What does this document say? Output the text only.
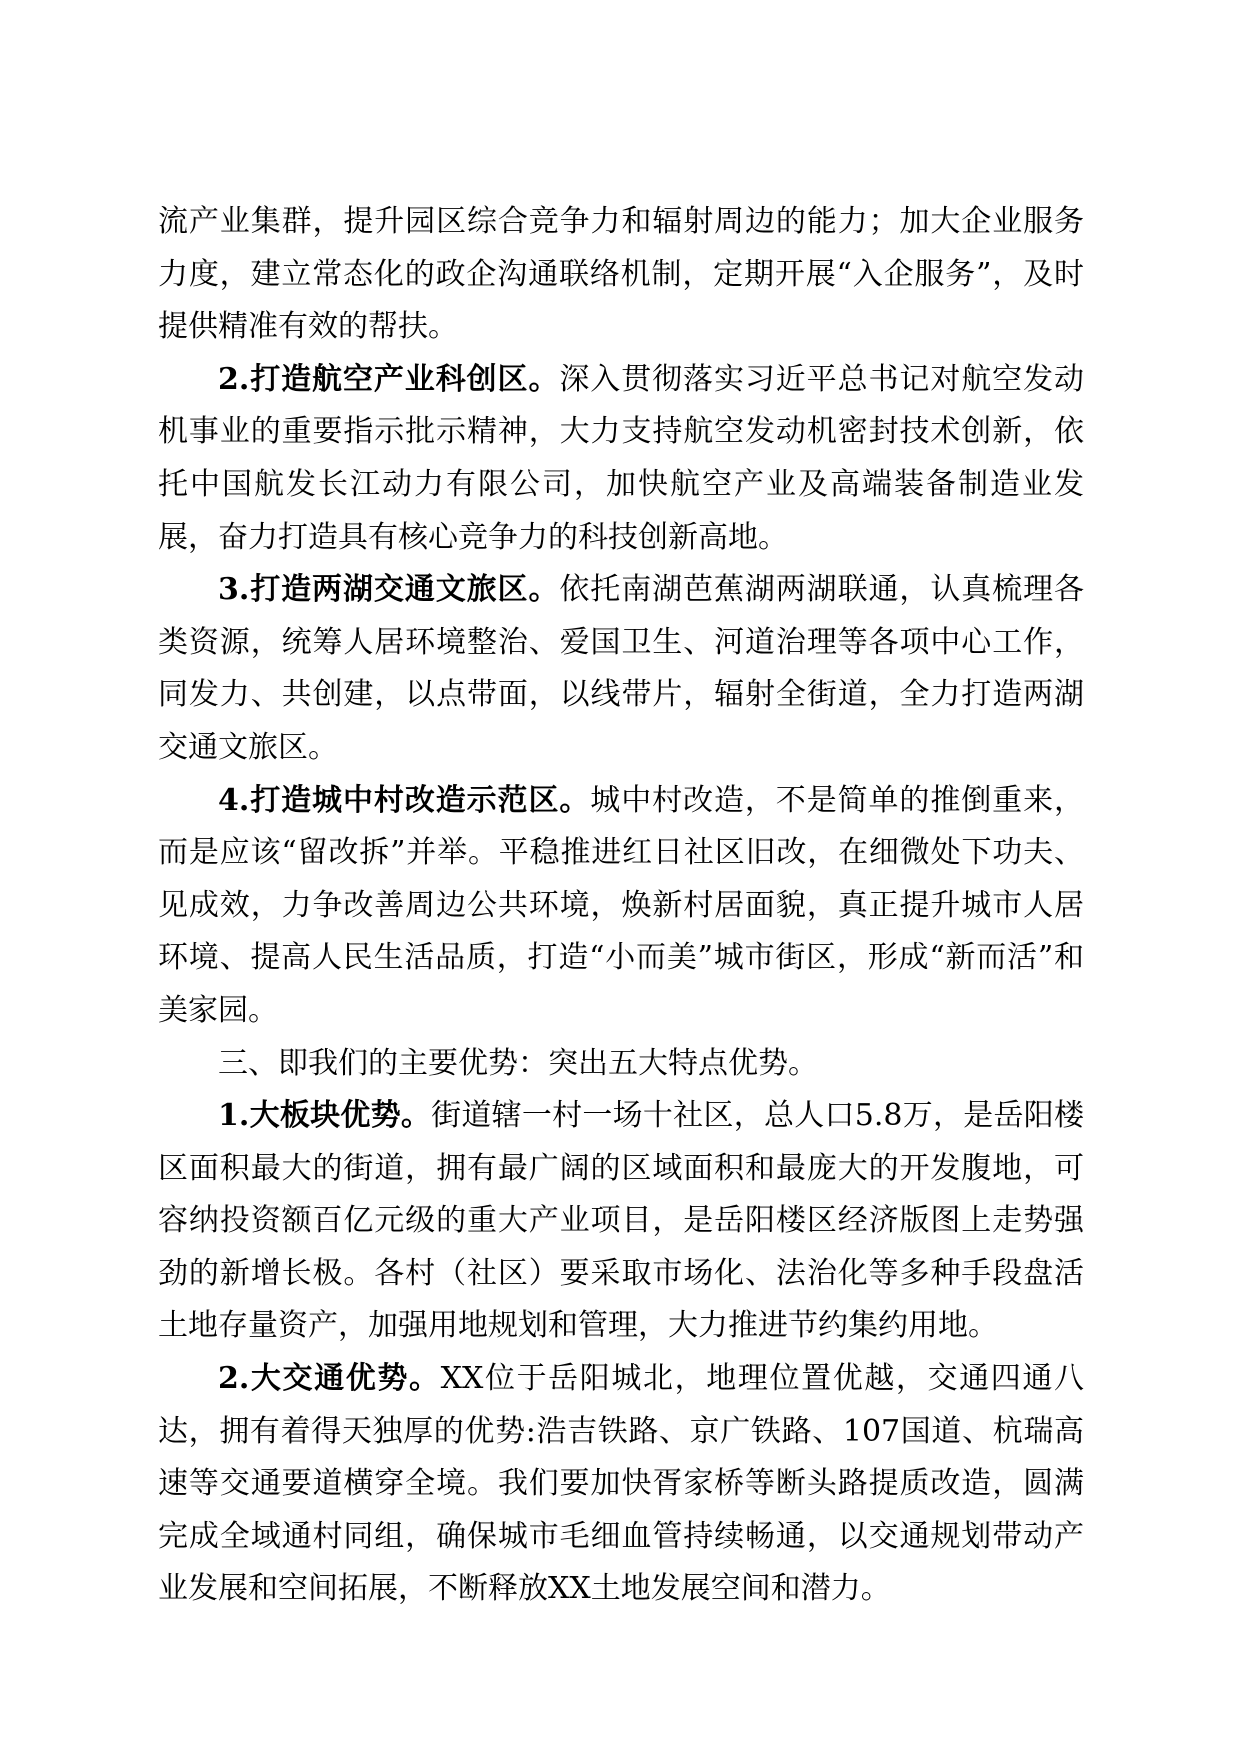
流产业集群，提升园区综合竞争力和辐射周边的能力；加大企业服务力度，建立常态化的政企沟通联络机制，定期开展“入企服务”，及时提供精准有效的帮扶。

2.打造航空产业科创区。深入贯彻落实习近平总书记对航空发动机事业的重要指示批示精神，大力支持航空发动机密封技术创新，依托中国航发长江动力有限公司，加快航空产业及高端装备制造业发展，奋力打造具有核心竞争力的科技创新高地。

3.打造两湖交通文旅区。依托南湖芭蕉湖两湖联通，认真梳理各类资源，统筹人居环境整治、爱国卫生、河道治理等各项中心工作，同发力、共创建，以点带面，以线带片，辐射全街道，全力打造两湖交通文旅区。

4.打造城中村改造示范区。城中村改造，不是简单的推倒重来，而是应该“留改拆”并举。平稳推进红日社区旧改，在细微处下功夫、见成效，力争改善周边公共环境，焕新村居面貌，真正提升城市人居环境、提高人民生活品质，打造“小而美”城市街区，形成“新而活”和美家园。

三、即我们的主要优势：突出五大特点优势。

1.大板块优势。街道辖一村一场十社区，总人口5.8万，是岳阳楼区面积最大的街道，拥有最广阔的区域面积和最庞大的开发腹地，可容纳投资额百亿元级的重大产业项目，是岳阳楼区经济版图上走势强劲的新增长极。各村（社区）要采取市场化、法治化等多种手段盘活土地存量资产，加强用地规划和管理，大力推进节约集约用地。

2.大交通优势。XX位于岳阳城北，地理位置优越，交通四通八达，拥有着得天独厚的优势:浩吉铁路、京广铁路、107国道、杭瑞高速等交通要道横穿全境。我们要加快胥家桥等断头路提质改造，圆满完成全域通村同组，确保城市毛细血管持续畅通，以交通规划带动产业发展和空间拓展，不断释放XX土地发展空间和潜力。
